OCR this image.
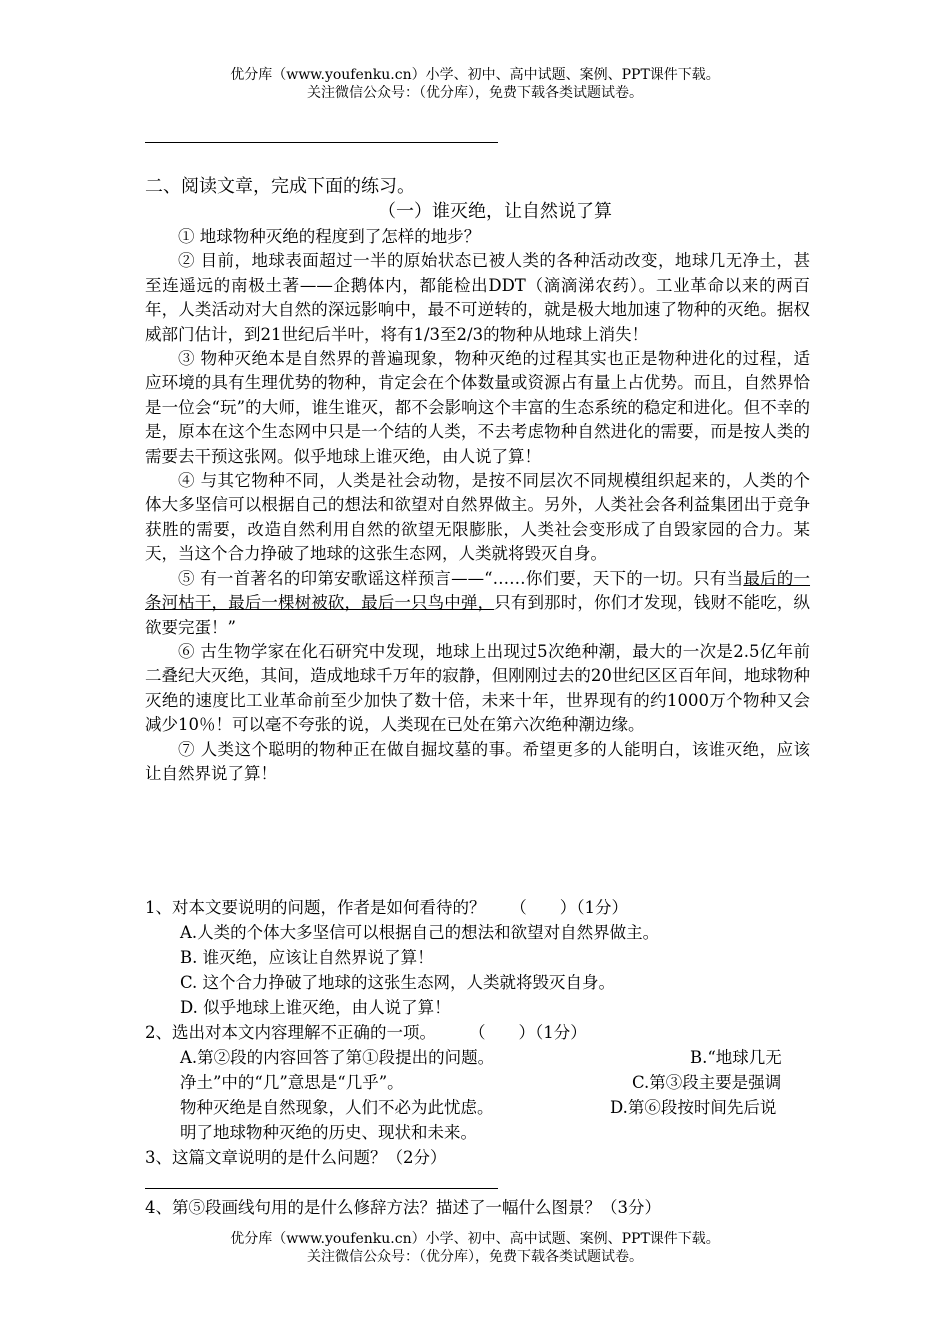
优分库（www.youfenku.cn）小学、初中、高中试题、案例、PPT课件下载。
关注微信公众号：（优分库），免费下载各类试题试卷。
二、阅读文章，完成下面的练习。
（一）谁灭绝，让自然说了算

① 地球物种灭绝的程度到了怎样的地步？

② 目前，地球表面超过一半的原始状态已被人类的各种活动改变，地球几无净土，甚至连遥远的南极土著——企鹅体内，都能检出DDT（滴滴涕农药）。工业革命以来的两百年，人类活动对大自然的深远影响中，最不可逆转的，就是极大地加速了物种的灭绝。据权威部门估计，到21世纪后半叶，将有1/3至2/3的物种从地球上消失！

③ 物种灭绝本是自然界的普遍现象，物种灭绝的过程其实也正是物种进化的过程，适应环境的具有生理优势的物种，肯定会在个体数量或资源占有量上占优势。而且，自然界恰是一位会“玩”的大师，谁生谁灭，都不会影响这个丰富的生态系统的稳定和进化。但不幸的是，原本在这个生态网中只是一个结的人类，不去考虑物种自然进化的需要，而是按人类的需要去干预这张网。似乎地球上谁灭绝，由人说了算！

④ 与其它物种不同，人类是社会动物，是按不同层次不同规模组织起来的，人类的个体大多坚信可以根据自己的想法和欲望对自然界做主。另外，人类社会各利益集团出于竞争获胜的需要，改造自然利用自然的欲望无限膨胀，人类社会变形成了自毁家园的合力。某天，当这个合力挣破了地球的这张生态网，人类就将毁灭自身。

⑤ 有一首著名的印第安歌谣这样预言——“……你们要，天下的一切。只有当最后的一条河枯干，最后一棵树被砍，最后一只鸟中弹，只有到那时，你们才发现，钱财不能吃，纵欲要完蛋！”

⑥ 古生物学家在化石研究中发现，地球上出现过5次绝种潮，最大的一次是2.5亿年前二叠纪大灭绝，其间，造成地球千万年的寂静，但刚刚过去的20世纪区区百年间，地球物种灭绝的速度比工业革命前至少加快了数十倍，未来十年，世界现有的约1000万个物种又会减少10％！可以毫不夸张的说，人类现在已处在第六次绝种潮边缘。

⑦ 人类这个聪明的物种正在做自掘坟墓的事。希望更多的人能明白，该谁灭绝，应该让自然界说了算！

1、对本文要说明的问题，作者是如何看待的？　　（　　）（1分）
A.人类的个体大多坚信可以根据自己的想法和欲望对自然界做主。
B. 谁灭绝，应该让自然界说了算！
C. 这个合力挣破了地球的这张生态网，人类就将毁灭自身。
D. 似乎地球上谁灭绝，由人说了算！
2、选出对本文内容理解不正确的一项。　　　（　　）（1分）
A.第②段的内容回答了第①段提出的问题。	B.“地球几无
净土”中的“几”意思是“几乎”。	C.第③段主要是强调
物种灭绝是自然现象，人们不必为此忧虑。	D.第⑥段按时间先后说
明了地球物种灭绝的历史、现状和未来。
3、这篇文章说明的是什么问题？（2分）
4、第⑤段画线句用的是什么修辞方法？描述了一幅什么图景？（3分）
优分库（www.youfenku.cn）小学、初中、高中试题、案例、PPT课件下载。
关注微信公众号：（优分库），免费下载各类试题试卷。
